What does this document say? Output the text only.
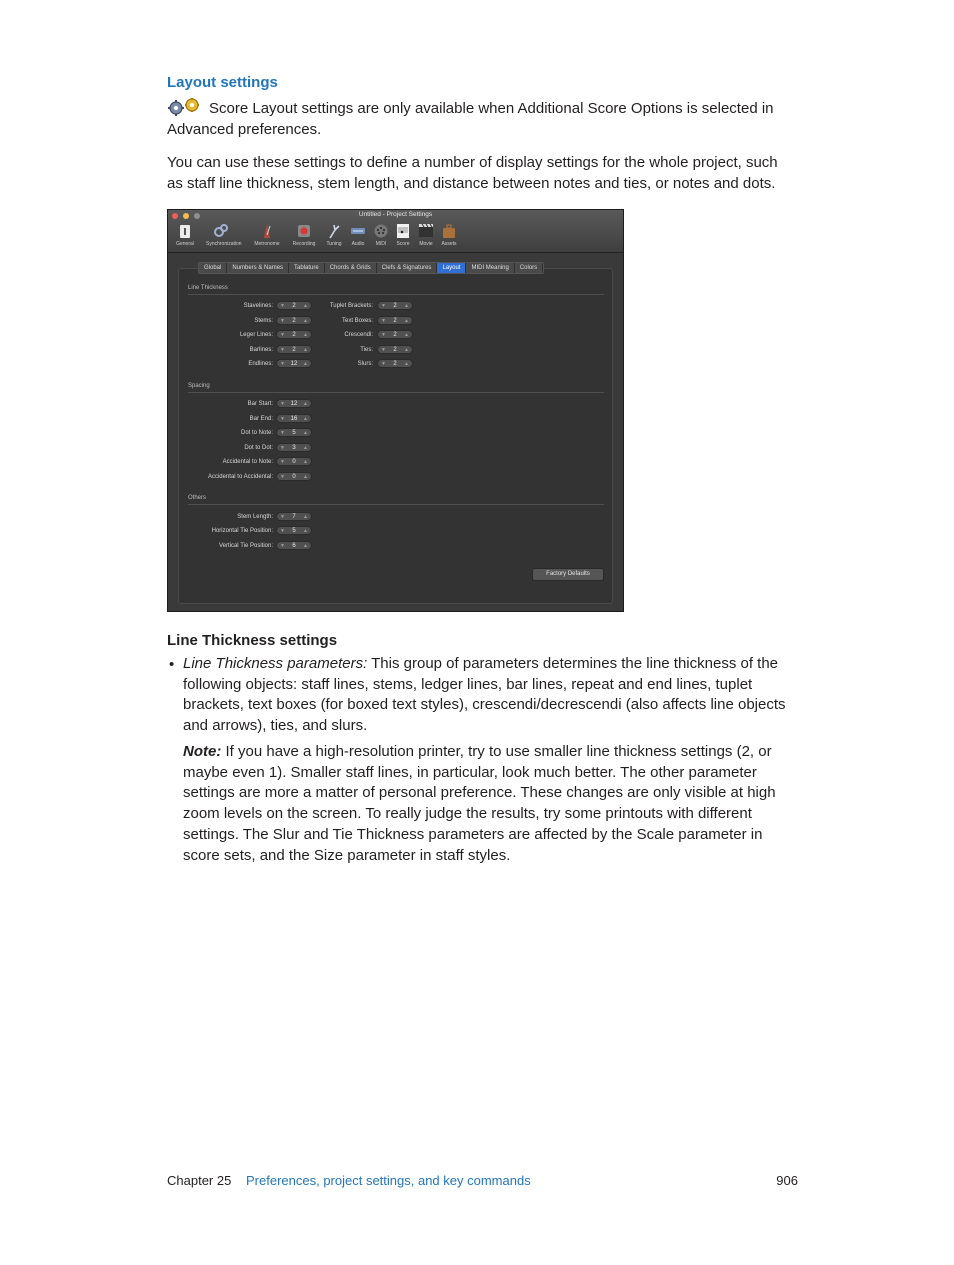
Layout settings
Score Layout settings are only available when Additional Score Options is selected in Advanced preferences.
You can use these settings to define a number of display settings for the whole project, such as staff line thickness, stem length, and distance between notes and ties, or notes and dots.
Untitled - Project Settings
General	Synchronization	Metronome	Recording	Tuning	Audio	MIDI	Score	Movie	Assets
Global	Numbers & Names	Tablature	Chords & Grids	Clefs & Signatures	Layout	MIDI Meaning	Colors
Line Thickness
Stavelines: ▼	2	▲
Stems: ▼	2	▲
Leger Lines: ▼	2	▲
Barlines: ▼	2	▲
Endlines: ▼ 12	▲
Tuplet Brackets: ▼	2	▲
Text Boxes: ▼	2	▲
Crescendi: ▼	2	▲
Ties: ▼	2	▲
Slurs: ▼	2	▲
Spacing
Bar Start: ▼ 12	▲
Bar End: ▼ 16	▲
Dot to Note: ▼	5	▲
Dot to Dot: ▼	3	▲
Accidental to Note: ▼	0	▲
Accidental to Accidental: ▼	0	▲
Others
Stem Length: ▼	7	▲
Horizontal Tie Position: ▼	5	▲
Vertical Tie Position: ▼	6	▲
Factory Defaults
Line Thickness settings
• Line Thickness parameters: This group of parameters determines the line thickness of the following objects: staff lines, stems, ledger lines, bar lines, repeat and end lines, tuplet brackets, text boxes (for boxed text styles), crescendi/decrescendi (also affects line objects and arrows), ties, and slurs.
Note: If you have a high-resolution printer, try to use smaller line thickness settings (2, or maybe even 1). Smaller staff lines, in particular, look much better. The other parameter settings are more a matter of personal preference. These changes are only visible at high zoom levels on the screen. To really judge the results, try some printouts with different settings. The Slur and Tie Thickness parameters are affected by the Scale parameter in score sets, and the Size parameter in staff styles.
Chapter 25 Preferences, project settings, and key commands	906
